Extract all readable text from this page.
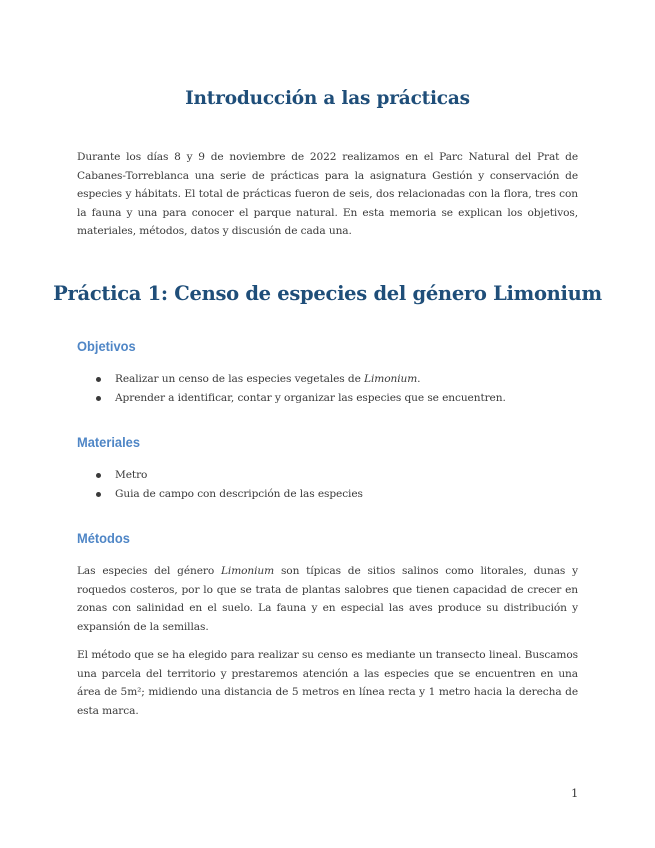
Introducción a las prácticas

Durante los días 8 y 9 de noviembre de 2022 realizamos en el Parc Natural del Prat de Cabanes-Torreblanca una serie de prácticas para la asignatura Gestión y conservación de especies y hábitats. El total de prácticas fueron de seis, dos relacionadas con la flora, tres con la fauna y una para conocer el parque natural. En esta memoria se explican los objetivos, materiales, métodos, datos y discusión de cada una.

Práctica 1: Censo de especies del género Limonium
Objetivos
Realizar un censo de las especies vegetales de Limonium.
Aprender a identificar, contar y organizar las especies que se encuentren.
Materiales
Metro
Guia de campo con descripción de las especies
Métodos

Las especies del género Limonium son típicas de sitios salinos como litorales, dunas y roquedos costeros, por lo que se trata de plantas salobres que tienen capacidad de crecer en zonas con salinidad en el suelo. La fauna y en especial las aves produce su distribución y expansión de la semillas.

El método que se ha elegido para realizar su censo es mediante un transecto lineal. Buscamos una parcela del territorio y prestaremos atención a las especies que se encuentren en una área de 5m²; midiendo una distancia de 5 metros en línea recta y 1 metro hacia la derecha de esta marca.

1
